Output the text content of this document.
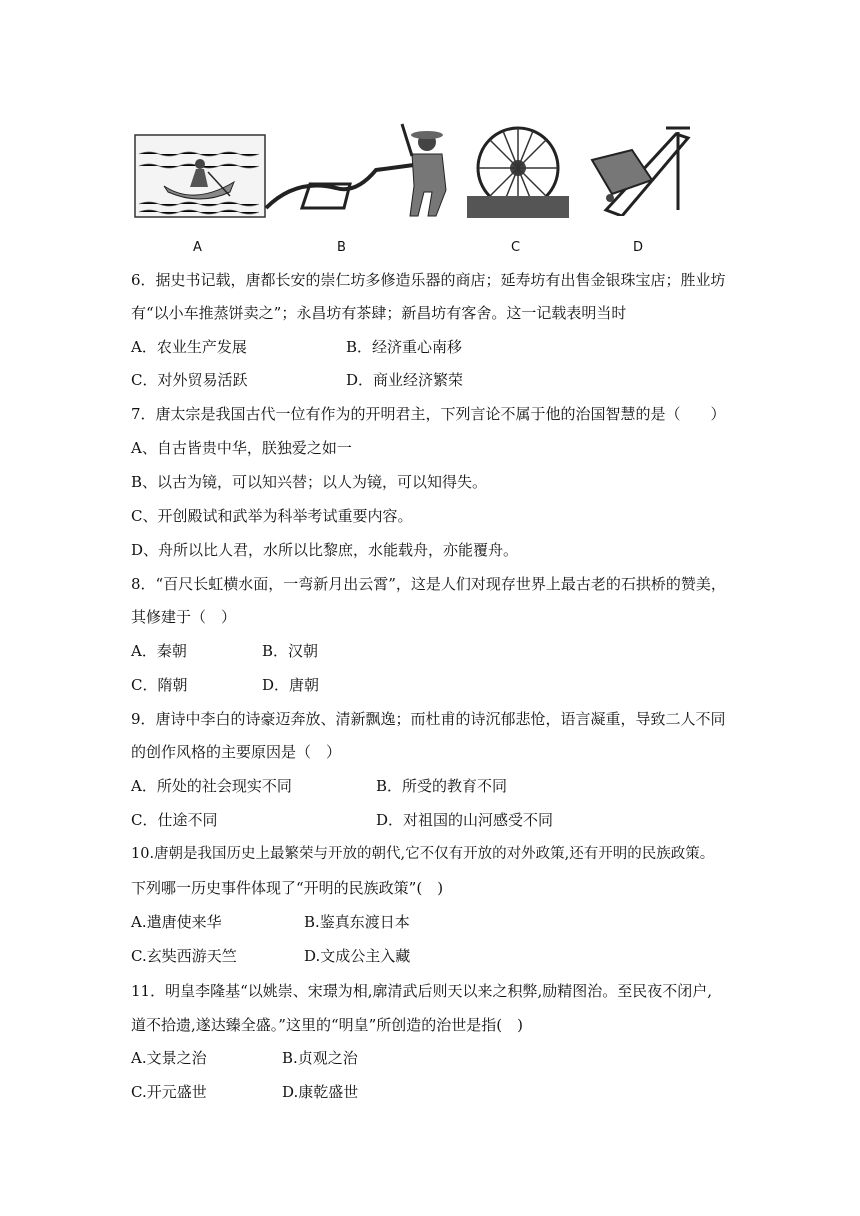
A	B	C	D
6．据史书记载，唐都长安的崇仁坊多修造乐器的商店；延寿坊有出售金银珠宝店；胜业坊
有“以小车推蒸饼卖之”；永昌坊有茶肆；新昌坊有客舍。这一记载表明当时
A．农业生产发展	B．经济重心南移
C．对外贸易活跃	D．商业经济繁荣
7．唐太宗是我国古代一位有作为的开明君主，下列言论不属于他的治国智慧的是（　　）
A、自古皆贵中华，朕独爱之如一
B、以古为镜，可以知兴替；以人为镜，可以知得失。
C、开创殿试和武举为科举考试重要内容。
D、舟所以比人君，水所以比黎庶，水能载舟，亦能覆舟。
8．“百尺长虹横水面，一弯新月出云霄”，这是人们对现存世界上最古老的石拱桥的赞美，
其修建于（　）
A．秦朝	B．汉朝
C．隋朝	D．唐朝
9．唐诗中李白的诗豪迈奔放、清新飘逸；而杜甫的诗沉郁悲怆，语言凝重，导致二人不同
的创作风格的主要原因是（　）
A．所处的社会现实不同	B．所受的教育不同
C．仕途不同	D．对祖国的山河感受不同
10.唐朝是我国历史上最繁荣与开放的朝代,它不仅有开放的对外政策,还有开明的民族政策。
下列哪一历史事件体现了“开明的民族政策”(　)
A.遣唐使来华	B.鉴真东渡日本
C.玄奘西游天竺	D.文成公主入藏
11．明皇李隆基“以姚崇、宋璟为相,廓清武后则天以来之积弊,励精图治。至民夜不闭户,
道不拾遗,遂达臻全盛。”这里的“明皇”所创造的治世是指(　)
A.文景之治	B.贞观之治
C.开元盛世	D.康乾盛世
